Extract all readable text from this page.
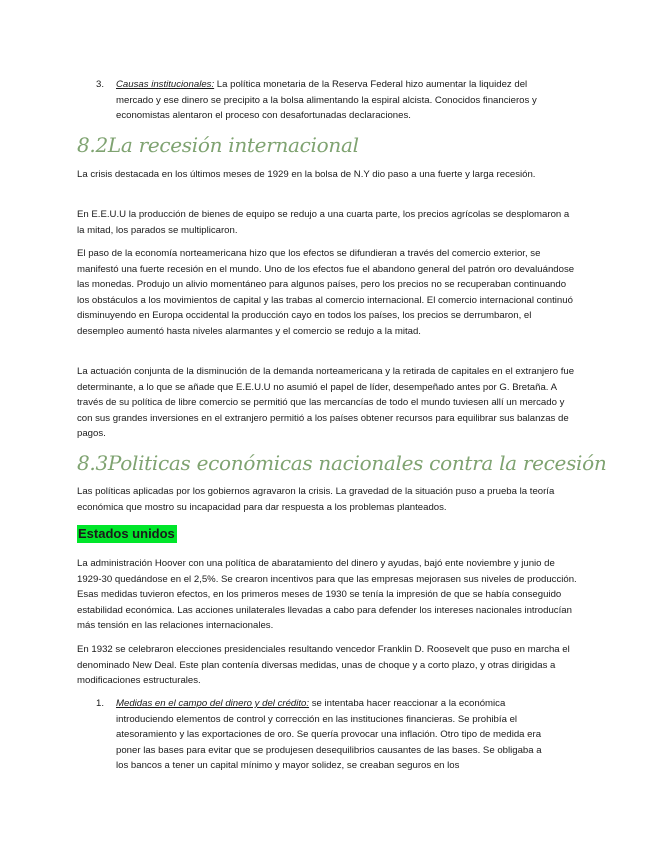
3.	Causas institucionales: La política monetaria de la Reserva Federal hizo aumentar la liquidez del mercado y ese dinero se precipito a la bolsa alimentando la espiral alcista. Conocidos financieros y economistas alentaron el proceso con desafortunadas declaraciones.

8.2La recesión internacional

La crisis destacada en los últimos meses de 1929 en la bolsa de N.Y dio paso a una fuerte y larga recesión.

En E.E.U.U la producción de bienes de equipo se redujo a una cuarta parte, los precios agrícolas se desplomaron a la mitad, los parados se multiplicaron.

El paso de la economía norteamericana hizo que los efectos se difundieran a través del comercio exterior, se manifestó una fuerte recesión en el mundo. Uno de los efectos fue el abandono general del patrón oro devaluándose las monedas. Produjo un alivio momentáneo para algunos países, pero los precios no se recuperaban continuando los obstáculos a los movimientos de capital y las trabas al comercio internacional. El comercio internacional continuó disminuyendo en Europa occidental la producción cayo en todos los países, los precios se derrumbaron, el desempleo aumentó hasta niveles alarmantes y el comercio se redujo a la mitad.

La actuación conjunta de la disminución de la demanda norteamericana y la retirada de capitales en el extranjero fue determinante, a lo que se añade que E.E.U.U no asumió el papel de líder, desempeñado antes por G. Bretaña. A través de su política de libre comercio se permitió que las mercancías de todo el mundo tuviesen allí un mercado y con sus grandes inversiones en el extranjero permitió a los países obtener recursos para equilibrar sus balanzas de pagos.

8.3Politicas económicas nacionales contra la recesión

Las políticas aplicadas por los gobiernos agravaron la crisis. La gravedad de la situación puso a prueba la teoría económica que mostro su incapacidad para dar respuesta a los problemas planteados.

Estados unidos

La administración Hoover con una política de abaratamiento del dinero y ayudas, bajó ente noviembre y junio de 1929-30 quedándose en el 2,5%. Se crearon incentivos para que las empresas mejorasen sus niveles de producción. Esas medidas tuvieron efectos, en los primeros meses de 1930 se tenía la impresión de que se había conseguido estabilidad económica. Las acciones unilaterales llevadas a cabo para defender los intereses nacionales introducían más tensión en las relaciones internacionales.

En 1932 se celebraron elecciones presidenciales resultando vencedor Franklin D. Roosevelt que puso en marcha el denominado New Deal. Este plan contenía diversas medidas, unas de choque y a corto plazo, y otras dirigidas a modificaciones estructurales.

1.	Medidas en el campo del dinero y del crédito: se intentaba hacer reaccionar a la económica introduciendo elementos de control y corrección en las instituciones financieras. Se prohibía el atesoramiento y las exportaciones de oro. Se quería provocar una inflación. Otro tipo de medida era poner las bases para evitar que se produjesen desequilibrios causantes de las bases. Se obligaba a los bancos a tener un capital mínimo y mayor solidez, se creaban seguros en los
